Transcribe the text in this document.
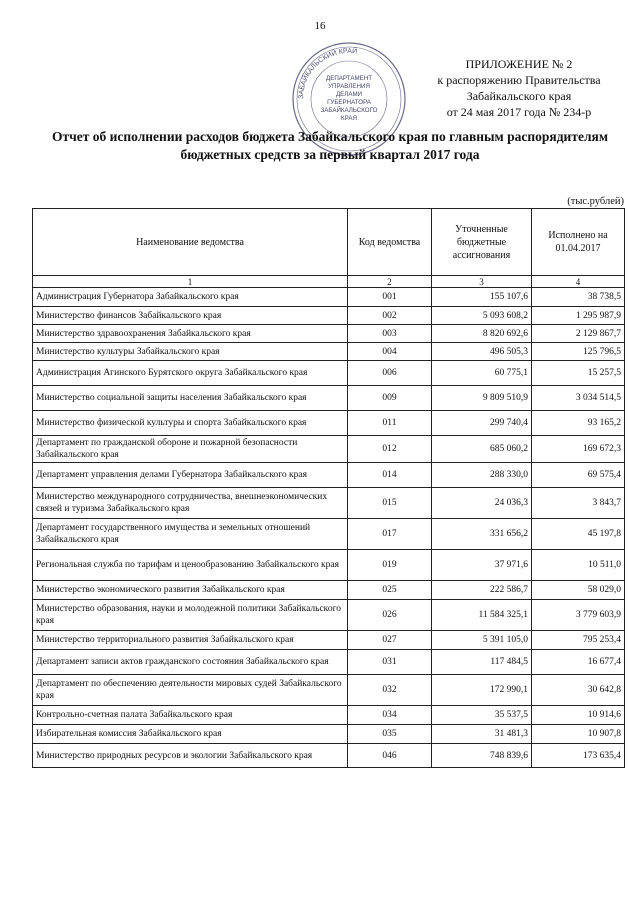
16
ЗАБАЙКАЛЬСКИЙ КРАЙ
ДЕПАРТАМЕНТ
УПРАВЛЕНИЯ
ДЕЛАМИ
ГУБЕРНАТОРА
ЗАБАЙКАЛЬСКОГО
КРАЯ
ПРИЛОЖЕНИЕ № 2
к распоряжению Правительства
Забайкальского края
от 24 мая 2017 года № 234-р
Отчет об исполнении расходов бюджета Забайкальского края по главным распорядителям
бюджетных средств за первый квартал 2017 года
(тыс.рублей)
Наименование ведомства	Код ведомства	Уточненные бюджетные ассигнования	Исполнено на 01.04.2017
1	2	3	4
Администрация Губернатора Забайкальского края	001	155 107,6	38 738,5
Министерство финансов Забайкальского края	002	5 093 608,2	1 295 987,9
Министерство здравоохранения Забайкальского края	003	8 820 692,6	2 129 867,7
Министерство культуры Забайкальского края	004	496 505,3	125 796,5
Администрация Агинского Бурятского округа Забайкальского края	006	60 775,1	15 257,5
Министерство социальной защиты населения Забайкальского края	009	9 809 510,9	3 034 514,5
Министерство физической культуры и спорта Забайкальского края	011	299 740,4	93 165,2
Департамент по гражданской обороне и пожарной безопасности Забайкальского края	012	685 060,2	169 672,3
Департамент управления делами Губернатора Забайкальского края	014	288 330,0	69 575,4
Министерство международного сотрудничества, внешнеэкономических связей и туризма Забайкальского края	015	24 036,3	3 843,7
Департамент государственного имущества и земельных отношений Забайкальского края	017	331 656,2	45 197,8
Региональная служба по тарифам и ценообразованию Забайкальского края	019	37 971,6	10 511,0
Министерство экономического развития Забайкальского края	025	222 586,7	58 029,0
Министерство образования, науки и молодежной политики Забайкальского края	026	11 584 325,1	3 779 603,9
Министерство территориального развития Забайкальского края	027	5 391 105,0	795 253,4
Департамент записи актов гражданского состояния Забайкальского края	031	117 484,5	16 677,4
Департамент по обеспечению деятельности мировых судей Забайкальского края	032	172 990,1	30 642,8
Контрольно-счетная палата Забайкальского края	034	35 537,5	10 914,6
Избирательная комиссия Забайкальского края	035	31 481,3	10 907,8
Министерство природных ресурсов и экологии Забайкальского края	046	748 839,6	173 635,4
